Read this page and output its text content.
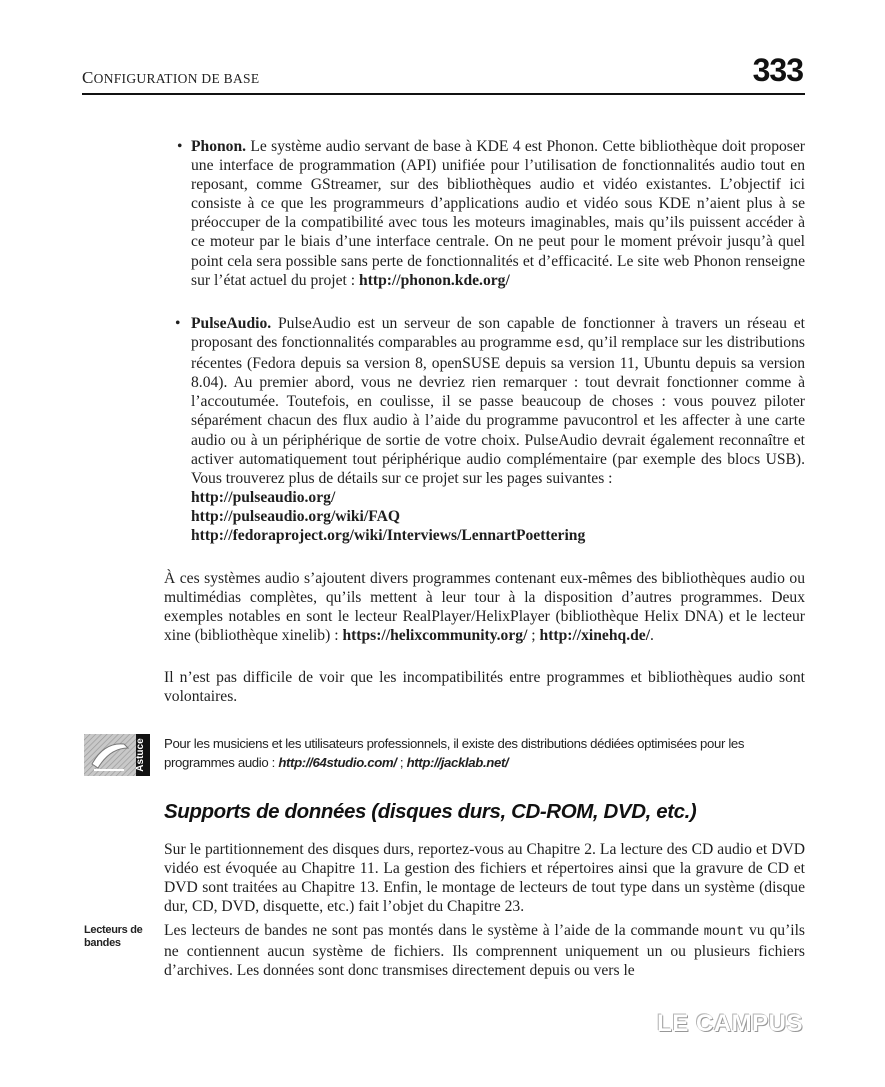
CONFIGURATION DE BASE	333
• Phonon. Le système audio servant de base à KDE 4 est Phonon. Cette bibliothèque doit proposer une interface de programmation (API) unifiée pour l’utilisation de fonctionnalités audio tout en reposant, comme GStreamer, sur des bibliothèques audio et vidéo existantes. L’objectif ici consiste à ce que les programmeurs d’applications audio et vidéo sous KDE n’aient plus à se préoccuper de la compatibilité avec tous les moteurs imaginables, mais qu’ils puissent accéder à ce moteur par le biais d’une interface centrale. On ne peut pour le moment prévoir jusqu’à quel point cela sera possible sans perte de fonctionnalités et d’efficacité. Le site web Phonon renseigne sur l’état actuel du projet : http://phonon.kde.org/
• PulseAudio. PulseAudio est un serveur de son capable de fonctionner à travers un réseau et proposant des fonctionnalités comparables au programme esd, qu’il remplace sur les distributions récentes (Fedora depuis sa version 8, openSUSE depuis sa version 11, Ubuntu depuis sa version 8.04). Au premier abord, vous ne devriez rien remarquer : tout devrait fonctionner comme à l’accoutumée. Toutefois, en coulisse, il se passe beaucoup de choses : vous pouvez piloter séparément chacun des flux audio à l’aide du programme pavucontrol et les affecter à une carte audio ou à un périphérique de sortie de votre choix. PulseAudio devrait également reconnaître et activer automatiquement tout périphérique audio complémentaire (par exemple des blocs USB). Vous trouverez plus de détails sur ce projet sur les pages suivantes :
http://pulseaudio.org/
http://pulseaudio.org/wiki/FAQ
http://fedoraproject.org/wiki/Interviews/LennartPoettering
À ces systèmes audio s’ajoutent divers programmes contenant eux-mêmes des bibliothèques audio ou multimédias complètes, qu’ils mettent à leur tour à la disposition d’autres programmes. Deux exemples notables en sont le lecteur RealPlayer/HelixPlayer (bibliothèque Helix DNA) et le lecteur xine (bibliothèque xinelib) : https://helixcommunity.org/ ; http://xinehq.de/.
Il n’est pas difficile de voir que les incompatibilités entre programmes et bibliothèques audio sont volontaires.
Astuce Pour les musiciens et les utilisateurs professionnels, il existe des distributions dédiées optimisées pour les programmes audio : http://64studio.com/ ; http://jacklab.net/
Supports de données (disques durs, CD-ROM, DVD, etc.)
Sur le partitionnement des disques durs, reportez-vous au Chapitre 2. La lecture des CD audio et DVD vidéo est évoquée au Chapitre 11. La gestion des fichiers et répertoires ainsi que la gravure de CD et DVD sont traitées au Chapitre 13. Enfin, le montage de lecteurs de tout type dans un système (disque dur, CD, DVD, disquette, etc.) fait l’objet du Chapitre 23.
Lecteurs de bandes
Les lecteurs de bandes ne sont pas montés dans le système à l’aide de la commande mount vu qu’ils ne contiennent aucun système de fichiers. Ils comprennent uniquement un ou plusieurs fichiers d’archives. Les données sont donc transmises directement depuis ou vers le
LE CAMPUS
